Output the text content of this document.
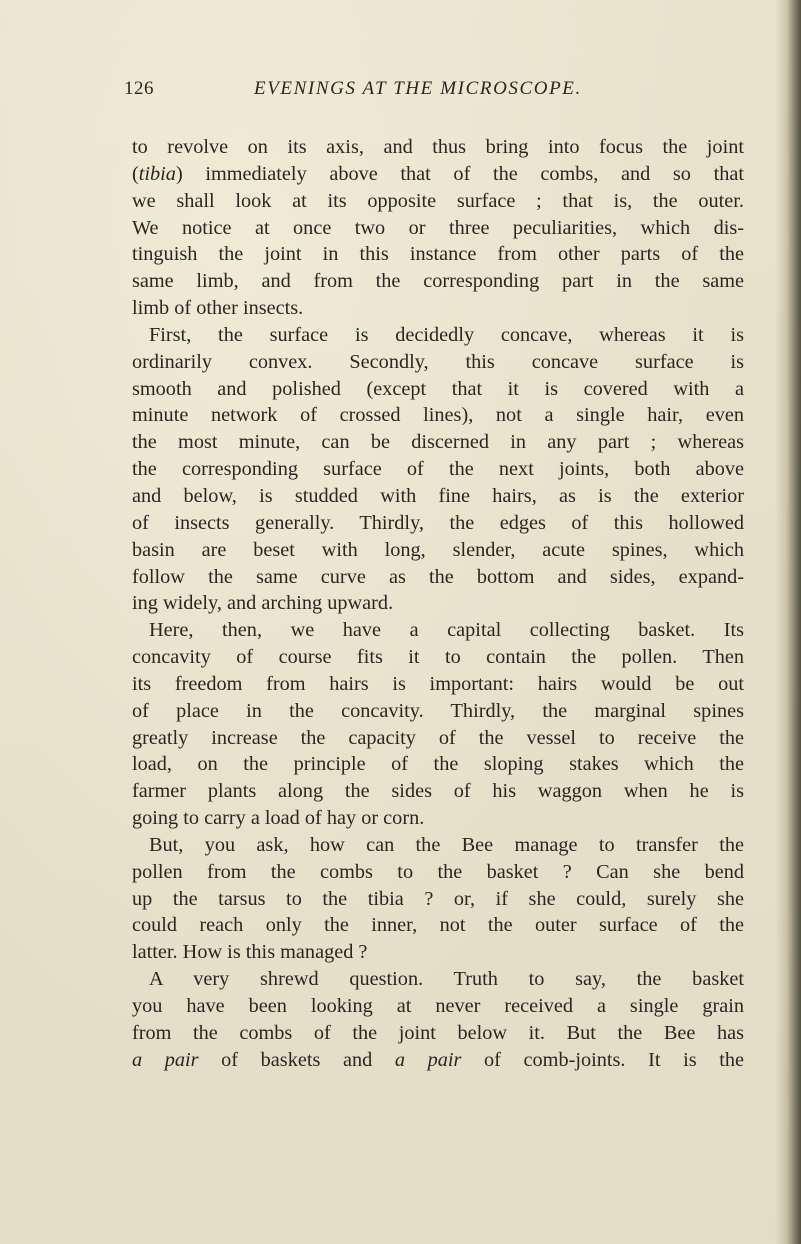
126	EVENINGS AT THE MICROSCOPE.
to revolve on its axis, and thus bring into focus the joint
(tibia) immediately above that of the combs, and so that
we shall look at its opposite surface ; that is, the outer.
We notice at once two or three peculiarities, which dis-
tinguish the joint in this instance from other parts of the
same limb, and from the corresponding part in the same
limb of other insects.
First, the surface is decidedly concave, whereas it is
ordinarily convex. Secondly, this concave surface is
smooth and polished (except that it is covered with a
minute network of crossed lines), not a single hair, even
the most minute, can be discerned in any part ; whereas
the corresponding surface of the next joints, both above
and below, is studded with fine hairs, as is the exterior
of insects generally. Thirdly, the edges of this hollowed
basin are beset with long, slender, acute spines, which
follow the same curve as the bottom and sides, expand-
ing widely, and arching upward.
Here, then, we have a capital collecting basket. Its
concavity of course fits it to contain the pollen. Then
its freedom from hairs is important: hairs would be out
of place in the concavity. Thirdly, the marginal spines
greatly increase the capacity of the vessel to receive the
load, on the principle of the sloping stakes which the
farmer plants along the sides of his waggon when he is
going to carry a load of hay or corn.
But, you ask, how can the Bee manage to transfer the
pollen from the combs to the basket ? Can she bend
up the tarsus to the tibia ? or, if she could, surely she
could reach only the inner, not the outer surface of the
latter. How is this managed ?
A very shrewd question. Truth to say, the basket
you have been looking at never received a single grain
from the combs of the joint below it. But the Bee has
a pair of baskets and a pair of comb-joints. It is the
